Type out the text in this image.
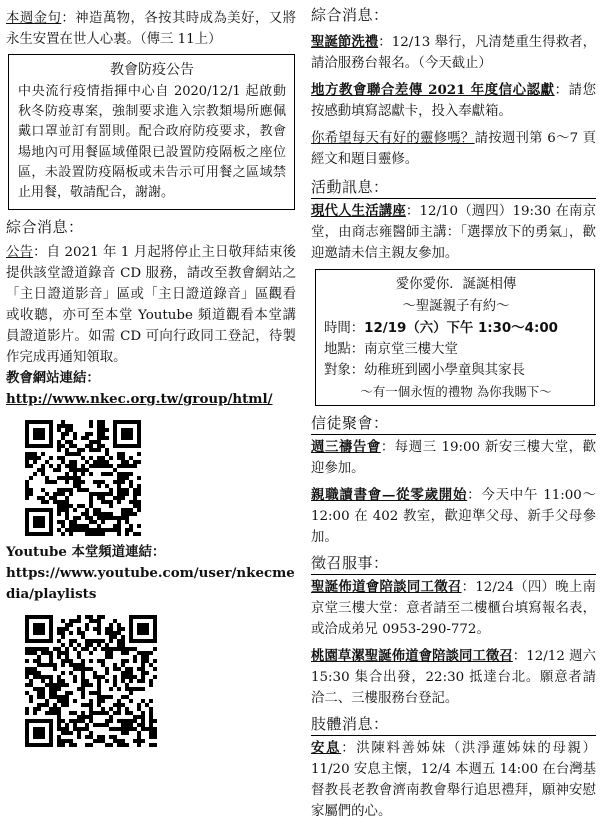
本週金句：神造萬物，各按其時成為美好，又將永生安置在世人心裏。（傳三 11上）

教會防疫公告

中央流行疫情指揮中心自 2020/12/1 起啟動秋冬防疫專案，強制要求進入宗教類場所應佩戴口罩並訂有罰則。配合政府防疫要求，教會場地內可用餐區域僅限已設置防疫隔板之座位區，未設置防疫隔板或未告示可用餐之區域禁止用餐，敬請配合，謝謝。

綜合消息：

公告：自 2021 年 1 月起將停止主日敬拜結束後提供該堂證道錄音 CD 服務，請改至教會網站之「主日證道影音」區或「主日證道錄音」區觀看或收聽，亦可至本堂 Youtube 頻道觀看本堂講員證道影片。如需 CD 可向行政同工登記，待製作完成再通知領取。

教會網站連結：

http://www.nkec.org.tw/group/html/

Youtube 本堂頻道連結：

https://www.youtube.com/user/nkecmedia/playlists

綜合消息：

聖誕節洗禮：12/13 舉行，凡清楚重生得救者，請洽服務台報名。（今天截止）

地方教會聯合差傳 2021 年度信心認獻：請您按感動填寫認獻卡，投入奉獻箱。

你希望每天有好的靈修嗎？請按週刊第 6～7 頁經文和題目靈修。

活動訊息：

現代人生活講座：12/10（週四）19:30 在南京堂，由商志雍醫師主講：「選擇放下的勇氣」，歡迎邀請未信主親友參加。

愛你愛你．誕誕相傳
～聖誕親子有約～
時間：12/19（六）下午 1:30～4:00
地點：南京堂三樓大堂
對象：幼稚班到國小學童與其家長
～有一個永恆的禮物 為你我賜下～
信徒聚會：

週三禱告會：每週三 19:00 新安三樓大堂，歡迎參加。

親職讀書會—從零歲開始：今天中午 11:00～12:00 在 402 教室，歡迎準父母、新手父母參加。

徵召服事：

聖誕佈道會陪談同工徵召：12/24（四）晚上南京堂三樓大堂：意者請至二樓櫃台填寫報名表，或洽成弟兄 0953-290-772。

桃園草漯聖誕佈道會陪談同工徵召：12/12 週六 15:30 集合出發，22:30 抵達台北。願意者請洽二、三樓服務台登記。

肢體消息：

安息：洪陳料善姊妹（洪淨蓮姊妹的母親）11/20 安息主懷，12/4 本週五 14:00 在台灣基督教長老教會濟南教會舉行追思禮拜，願神安慰家屬們的心。
